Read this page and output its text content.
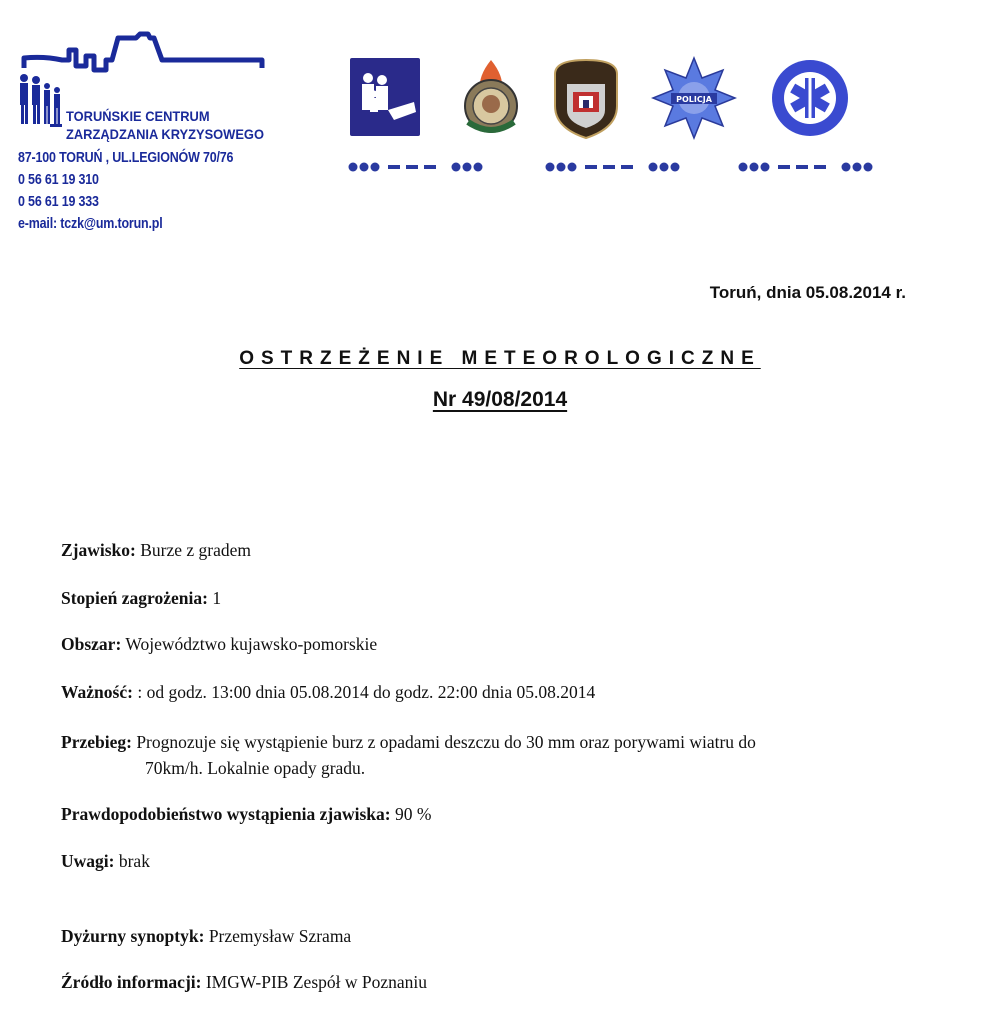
TORUŃSKIE CENTRUM
ZARZĄDZANIA KRYZYSOWEGO
87-100 TORUŃ , UL.LEGIONÓW 70/76
0 56 61 19 310
0 56 61 19 333
e-mail: tczk@um.torun.pl
POLICJA
Toruń, dnia 05.08.2014 r.
OSTRZEŻENIE METEOROLOGICZNE
Nr 49/08/2014
Zjawisko: Burze z gradem
Stopień zagrożenia: 1
Obszar: Województwo kujawsko-pomorskie
Ważność: : od godz. 13:00 dnia 05.08.2014 do godz. 22:00 dnia 05.08.2014
Przebieg: Prognozuje się wystąpienie burz z opadami deszczu do 30 mm oraz porywami wiatru do
70km/h. Lokalnie opady gradu.
Prawdopodobieństwo wystąpienia zjawiska: 90 %
Uwagi: brak
Dyżurny synoptyk: Przemysław Szrama
Źródło informacji: IMGW-PIB Zespół w Poznaniu
